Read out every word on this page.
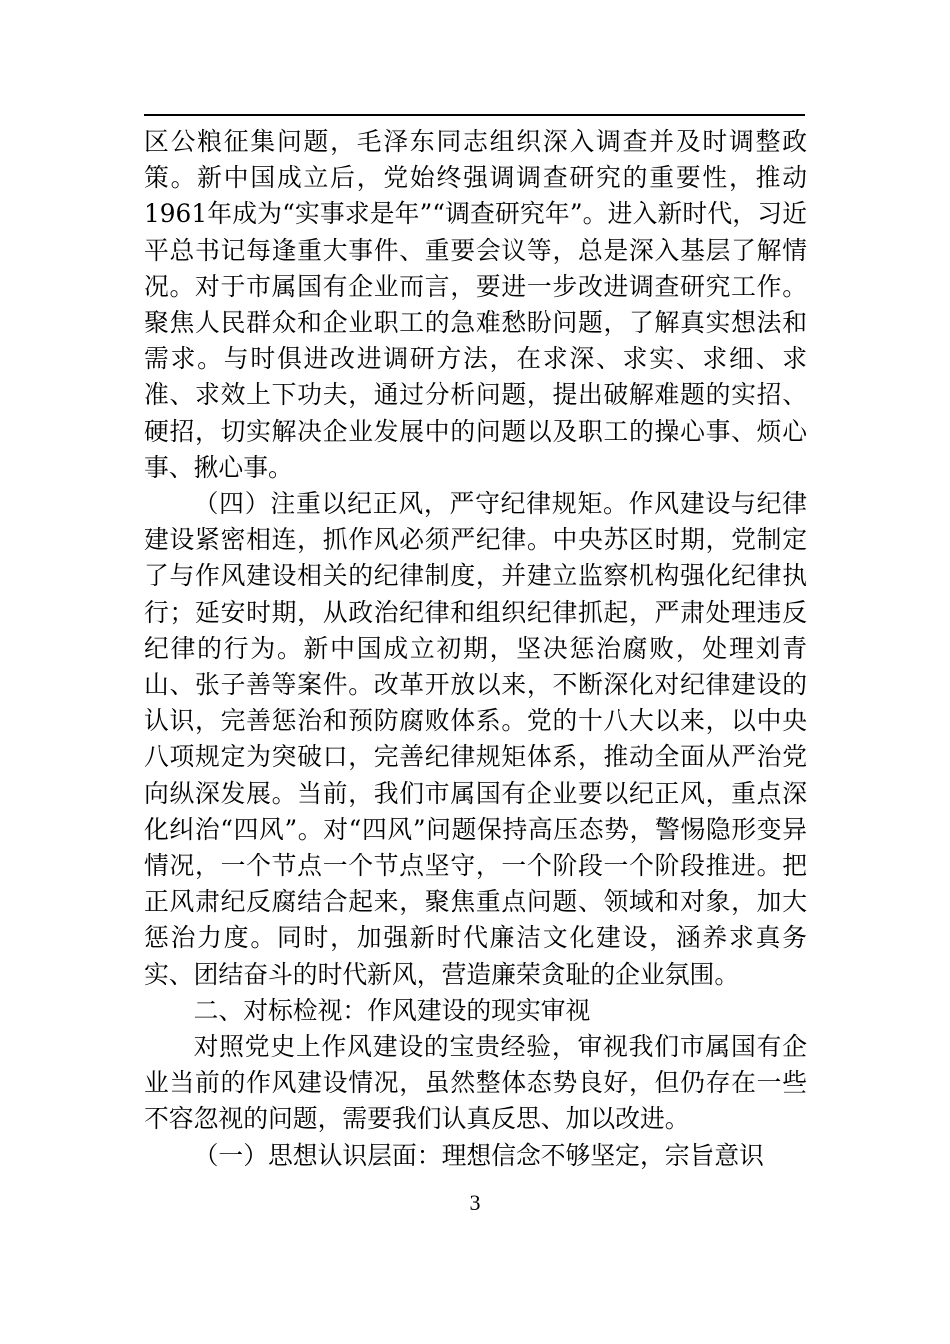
区公粮征集问题，毛泽东同志组织深入调查并及时调整政策。新中国成立后，党始终强调调查研究的重要性，推动1961年成为“实事求是年”“调查研究年”。进入新时代，习近平总书记每逢重大事件、重要会议等，总是深入基层了解情况。对于市属国有企业而言，要进一步改进调查研究工作。聚焦人民群众和企业职工的急难愁盼问题，了解真实想法和需求。与时俱进改进调研方法，在求深、求实、求细、求准、求效上下功夫，通过分析问题，提出破解难题的实招、硬招，切实解决企业发展中的问题以及职工的操心事、烦心事、揪心事。

（四）注重以纪正风，严守纪律规矩。作风建设与纪律建设紧密相连，抓作风必须严纪律。中央苏区时期，党制定了与作风建设相关的纪律制度，并建立监察机构强化纪律执行；延安时期，从政治纪律和组织纪律抓起，严肃处理违反纪律的行为。新中国成立初期，坚决惩治腐败，处理刘青山、张子善等案件。改革开放以来，不断深化对纪律建设的认识，完善惩治和预防腐败体系。党的十八大以来，以中央八项规定为突破口，完善纪律规矩体系，推动全面从严治党向纵深发展。当前，我们市属国有企业要以纪正风，重点深化纠治“四风”。对“四风”问题保持高压态势，警惕隐形变异情况，一个节点一个节点坚守，一个阶段一个阶段推进。把正风肃纪反腐结合起来，聚焦重点问题、领域和对象，加大惩治力度。同时，加强新时代廉洁文化建设，涵养求真务实、团结奋斗的时代新风，营造廉荣贪耻的企业氛围。

二、对标检视：作风建设的现实审视

对照党史上作风建设的宝贵经验，审视我们市属国有企业当前的作风建设情况，虽然整体态势良好，但仍存在一些不容忽视的问题，需要我们认真反思、加以改进。

（一）思想认识层面：理想信念不够坚定，宗旨意识

3
